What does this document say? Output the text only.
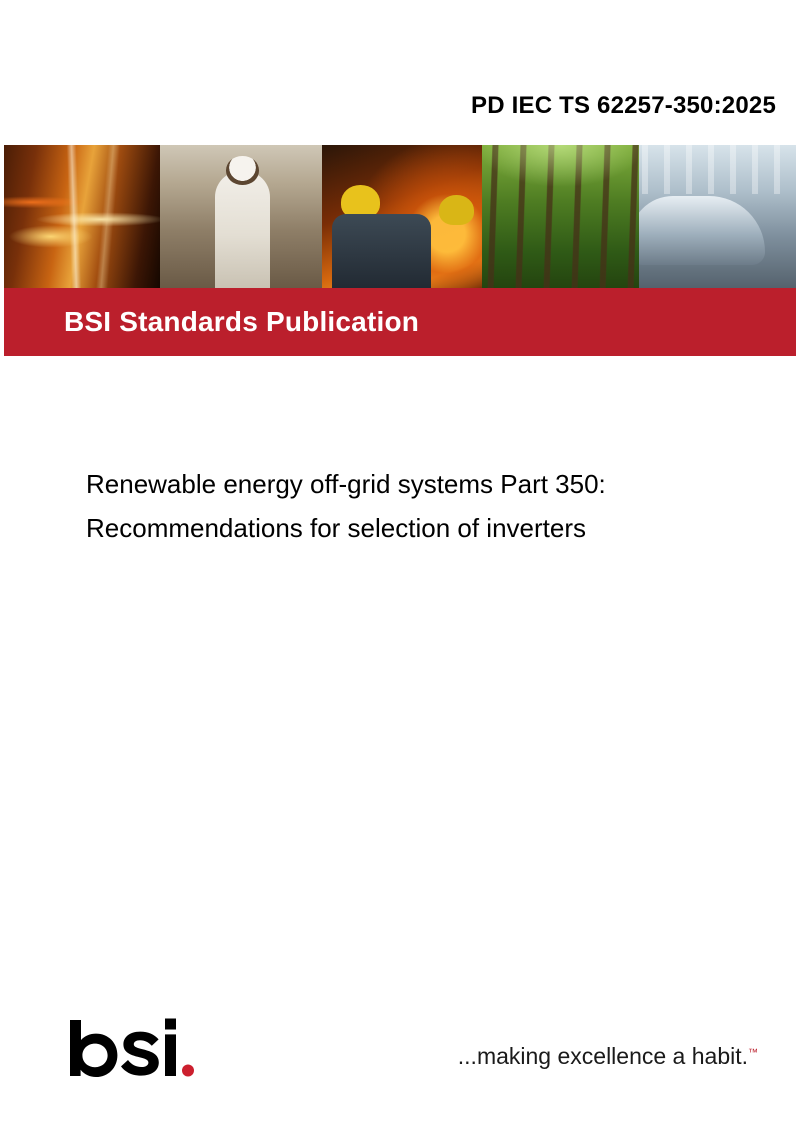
PD IEC TS 62257-350:2025
BSI Standards Publication
Renewable energy off-grid systems Part 350:
Recommendations for selection of inverters
...making excellence a habit.™
